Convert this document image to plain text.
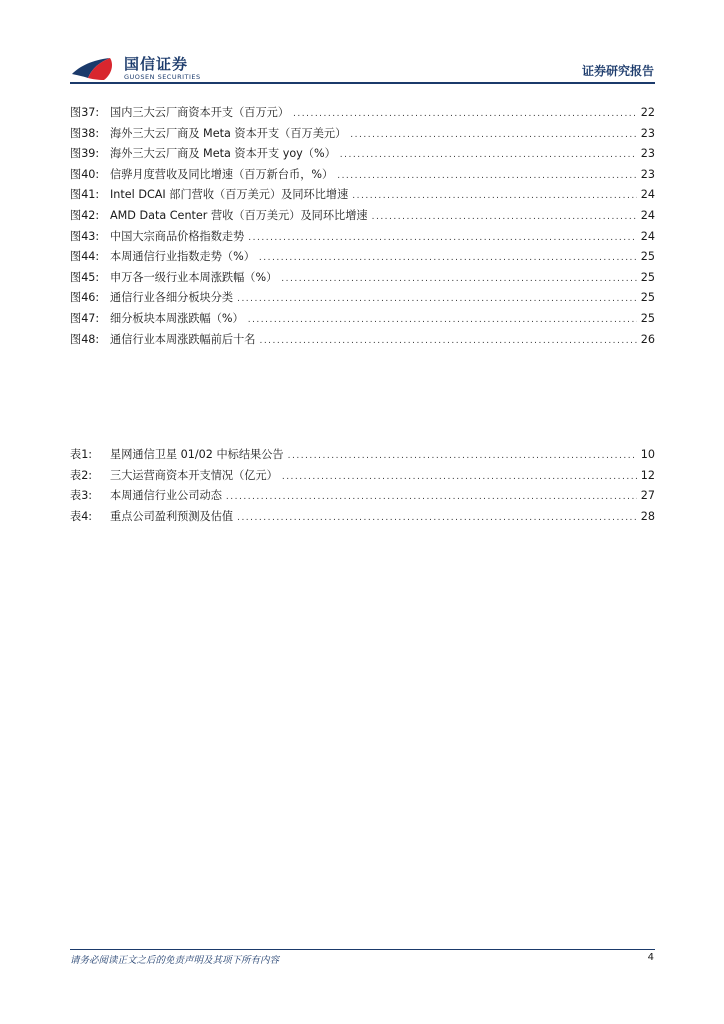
国信证券
GUOSEN SECURITIES	证券研究报告
图37: 国内三大云厂商资本开支（百万元） .....	22
图38: 海外三大云厂商及 Meta 资本开支（百万美元） .....	23
图39: 海外三大云厂商及 Meta 资本开支 yoy（%） .....	23
图40: 信骅月度营收及同比增速（百万新台币，%） .....	23
图41: Intel DCAI 部门营收（百万美元）及同环比增速 .....	24
图42: AMD Data Center 营收（百万美元）及同环比增速 .....	24
图43: 中国大宗商品价格指数走势 .....	24
图44: 本周通信行业指数走势（%） .....	25
图45: 申万各一级行业本周涨跌幅（%） .....	25
图46: 通信行业各细分板块分类 .....	25
图47: 细分板块本周涨跌幅（%） .....	25
图48: 通信行业本周涨跌幅前后十名 .....	26
表1:	星网通信卫星 01/02 中标结果公告 .....	10
表2:	三大运营商资本开支情况（亿元） .....	12
表3:	本周通信行业公司动态 .....	27
表4:	重点公司盈利预测及估值 .....	28
请务必阅读正文之后的免责声明及其项下所有内容	4
